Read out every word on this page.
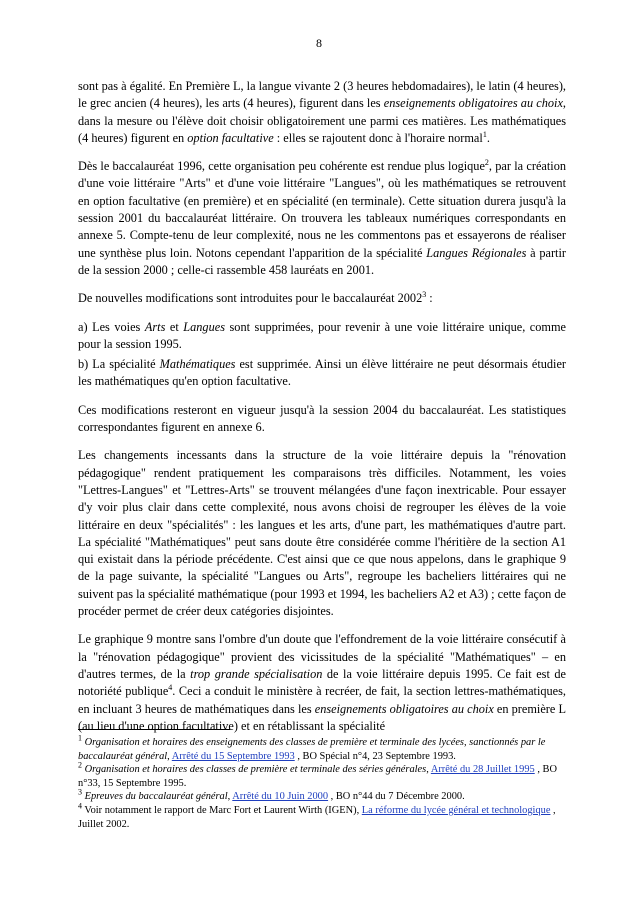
8

sont pas à égalité. En Première L, la langue vivante 2 (3 heures hebdomadaires), le latin (4 heures), le grec ancien (4 heures), les arts (4 heures), figurent dans les enseignements obligatoires au choix, dans la mesure ou l'élève doit choisir obligatoirement une parmi ces matières. Les mathématiques (4 heures) figurent en option facultative : elles se rajoutent donc à l'horaire normal$^1$.

Dès le baccalauréat 1996, cette organisation peu cohérente est rendue plus logique$^2$, par la création d'une voie littéraire "Arts" et d'une voie littéraire "Langues", où les mathématiques se retrouvent en option facultative (en première) et en spécialité (en terminale). Cette situation durera jusqu'à la session 2001 du baccalauréat littéraire. On trouvera les tableaux numériques correspondants en annexe 5. Compte-tenu de leur complexité, nous ne les commentons pas et essayerons de réaliser une synthèse plus loin. Notons cependant l'apparition de la spécialité Langues Régionales à partir de la session 2000 ; celle-ci rassemble 458 lauréats en 2001.

De nouvelles modifications sont introduites pour le baccalauréat 2002$^3$ :

a) Les voies Arts et Langues sont supprimées, pour revenir à une voie littéraire unique, comme pour la session 1995.

b) La spécialité Mathématiques est supprimée. Ainsi un élève littéraire ne peut désormais étudier les mathématiques qu'en option facultative.

Ces modifications resteront en vigueur jusqu'à la session 2004 du baccalauréat. Les statistiques correspondantes figurent en annexe 6.

Les changements incessants dans la structure de la voie littéraire depuis la "rénovation pédagogique" rendent pratiquement les comparaisons très difficiles. Notamment, les voies "Lettres-Langues" et "Lettres-Arts" se trouvent mélangées d'une façon inextricable. Pour essayer d'y voir plus clair dans cette complexité, nous avons choisi de regrouper les élèves de la voie littéraire en deux "spécialités" : les langues et les arts, d'une part, les mathématiques d'autre part. La spécialité "Mathématiques" peut sans doute être considérée comme l'héritière de la section A1 qui existait dans la période précédente. C'est ainsi que ce que nous appelons, dans le graphique 9 de la page suivante, la spécialité "Langues ou Arts", regroupe les bacheliers littéraires qui ne suivent pas la spécialité mathématique (pour 1993 et 1994, les bacheliers A2 et A3) ; cette façon de procéder permet de créer deux catégories disjointes.

Le graphique 9 montre sans l'ombre d'un doute que l'effondrement de la voie littéraire consécutif à la "rénovation pédagogique" provient des vicissitudes de la spécialité "Mathématiques" – en d'autres termes, de la trop grande spécialisation de la voie littéraire depuis 1995. Ce fait est de notoriété publique$^4$. Ceci a conduit le ministère à recréer, de fait, la section lettres-mathématiques, en incluant 3 heures de mathématiques dans les enseignements obligatoires au choix en première L (au lieu d'une option facultative) et en rétablissant la spécialité

$^1$ Organisation et horaires des enseignements des classes de première et terminale des lycées, sanctionnés par le baccalauréat général, Arrêté du 15 Septembre 1993 , BO Spécial n°4, 23 Septembre 1993.

$^2$ Organisation et horaires des classes de première et terminale des séries générales, Arrêté du 28 Juillet 1995 , BO n°33, 15 Septembre 1995.

$^3$ Epreuves du baccalauréat général, Arrêté du 10 Juin 2000 , BO n°44 du 7 Décembre 2000.

$^4$ Voir notamment le rapport de Marc Fort et Laurent Wirth (IGEN), La réforme du lycée général et technologique , Juillet 2002.
